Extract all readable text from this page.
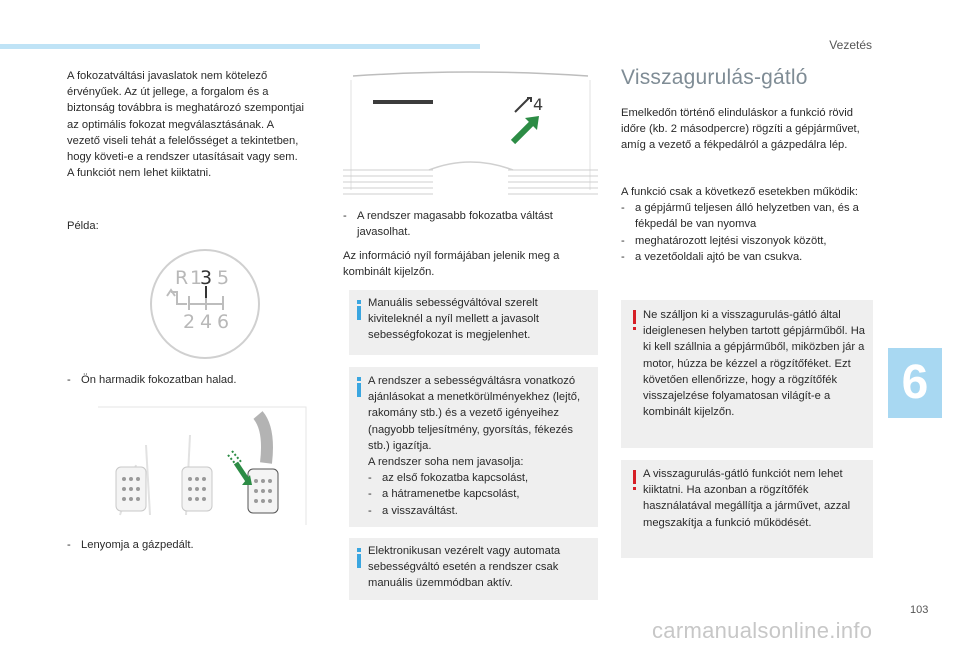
Vezetés
A fokozatváltási javaslatok nem kötelező érvényűek. Az út jellege, a forgalom és a biztonság továbbra is meghatározó szempontjai az optimális fokozat megválasztásának. A vezető viseli tehát a felelősséget a tekintetben, hogy követi-e a rendszer utasításait vagy sem.
A funkciót nem lehet kiiktatni.
Példa:
R 1
3 5
2 4 6
- Ön harmadik fokozatban halad.
- Lenyomja a gázpedált.
4
- A rendszer magasabb fokozatba váltást javasolhat.
Az információ nyíl formájában jelenik meg a kombinált kijelzőn.
Manuális sebességváltóval szerelt kiviteleknél a nyíl mellett a javasolt sebességfokozat is megjelenhet.
A rendszer a sebességváltásra vonatkozó ajánlásokat a menetkörülményekhez (lejtő, rakomány stb.) és a vezető igényeihez (nagyobb teljesítmény, gyorsítás, fékezés stb.) igazítja.
A rendszer soha nem javasolja:
- az első fokozatba kapcsolást,
- a hátramenetbe kapcsolást,
- a visszaváltást.
Elektronikusan vezérelt vagy automata sebességváltó esetén a rendszer csak manuális üzemmódban aktív.
Visszagurulás-gátló
Emelkedőn történő elinduláskor a funkció rövid időre (kb. 2 másodpercre) rögzíti a gépjárművet, amíg a vezető a fékpedálról a gázpedálra lép.
A funkció csak a következő esetekben működik:
- a gépjármű teljesen álló helyzetben van, és a fékpedál be van nyomva
- meghatározott lejtési viszonyok között,
- a vezetőoldali ajtó be van csukva.
Ne szálljon ki a visszagurulás-gátló által ideiglenesen helyben tartott gépjárműből. Ha ki kell szállnia a gépjárműből, miközben jár a motor, húzza be kézzel a rögzítőféket. Ezt követően ellenőrizze, hogy a rögzítőfék visszajelzése folyamatosan világít-e a kombinált kijelzőn.
A visszagurulás-gátló funkciót nem lehet kiiktatni. Ha azonban a rögzítőfék használatával megállítja a járművet, azzal megszakítja a funkció működését.
6
103
carmanualsonline.info
